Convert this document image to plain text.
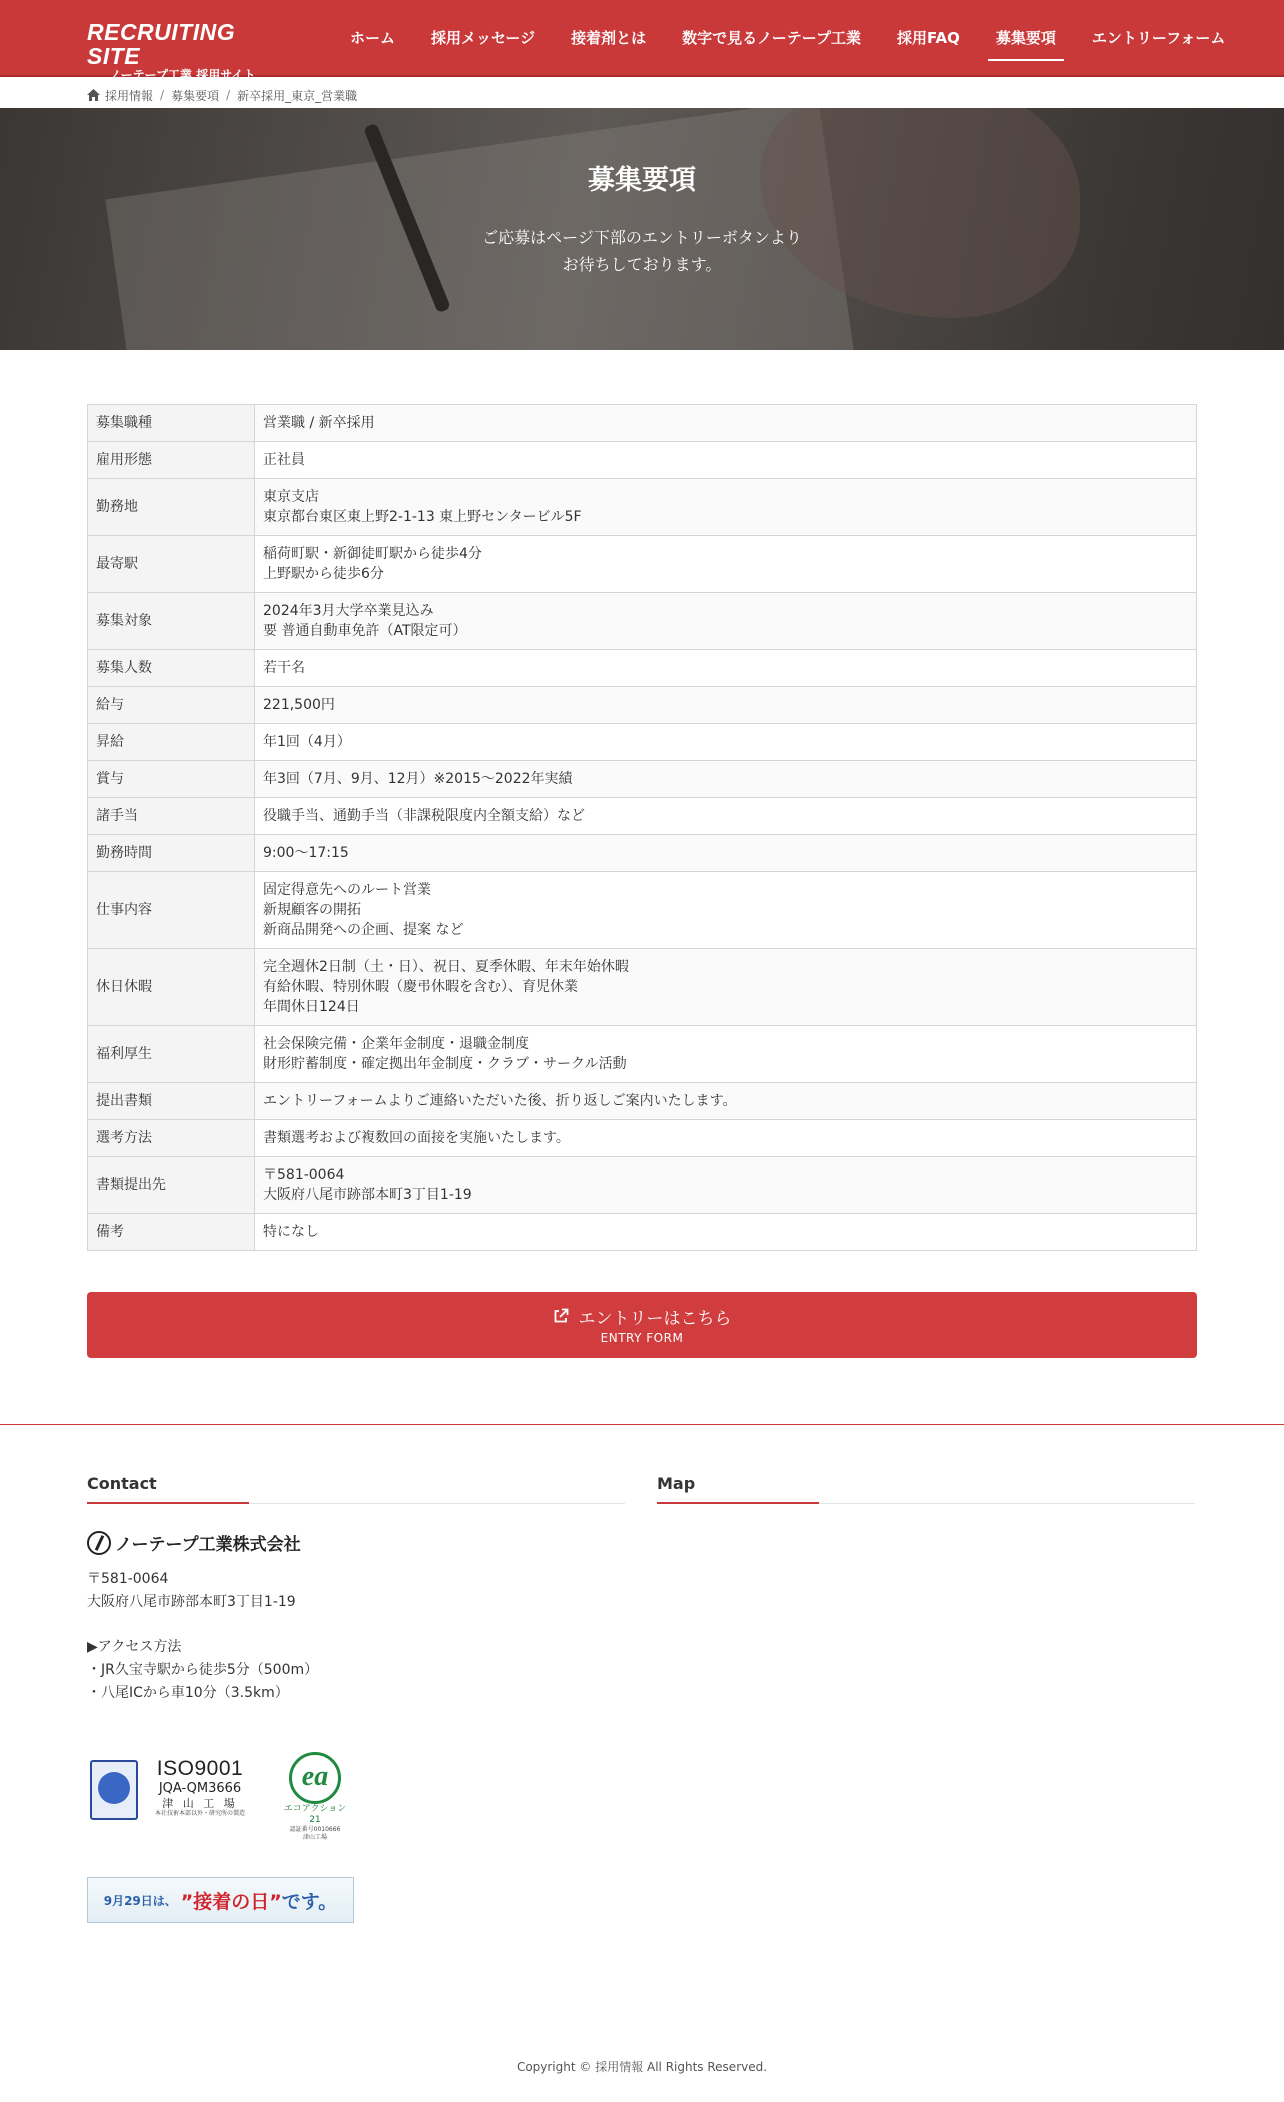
RECRUITING SITE
ノーテープ工業 採用サイト
ホーム	採用メッセージ	接着剤とは	数字で見るノーテープ工業	採用FAQ	募集要項	エントリーフォーム
採用情報 / 募集要項 / 新卒採用_東京_営業職
募集要項
ご応募はページ下部のエントリーボタンより
お待ちしております。
募集職種	営業職 / 新卒採用

雇用形態	正社員

勤務地	東京支店
東京都台東区東上野2-1-13 東上野センタービル5F

最寄駅	稲荷町駅・新御徒町駅から徒歩4分
上野駅から徒歩6分

募集対象	2024年3月大学卒業見込み
要 普通自動車免許（AT限定可）

募集人数	若干名

給与	221,500円

昇給	年1回（4月）

賞与	年3回（7月、9月、12月）※2015～2022年実績

諸手当	役職手当、通勤手当（非課税限度内全額支給）など

勤務時間	9:00～17:15

仕事内容	固定得意先へのルート営業
新規顧客の開拓
新商品開発への企画、提案 など

休日休暇	完全週休2日制（土・日）、祝日、夏季休暇、年末年始休暇
有給休暇、特別休暇（慶弔休暇を含む）、育児休業
年間休日124日

福利厚生	社会保険完備・企業年金制度・退職金制度
財形貯蓄制度・確定拠出年金制度・クラブ・サークル活動

提出書類	エントリーフォームよりご連絡いただいた後、折り返しご案内いたします。

選考方法	書類選考および複数回の面接を実施いたします。

書類提出先	〒581-0064
大阪府八尾市跡部本町3丁目1-19

備考	特になし
エントリーはこちら
ENTRY FORM
Contact
ノーテープ工業株式会社
〒581-0064
大阪府八尾市跡部本町3丁目1-19
▶アクセス方法
・JR久宝寺駅から徒歩5分（500m）
・八尾ICから車10分（3.5km）
Map
ISO9001
JQA-QM3666
津 山 工 場
本社技術本部以外・研究所の製造
ea
エコアクション21
認証番号0010666
津山工場
9月29日は、 ”接着の日” です。
Copyright © 採用情報 All Rights Reserved.
